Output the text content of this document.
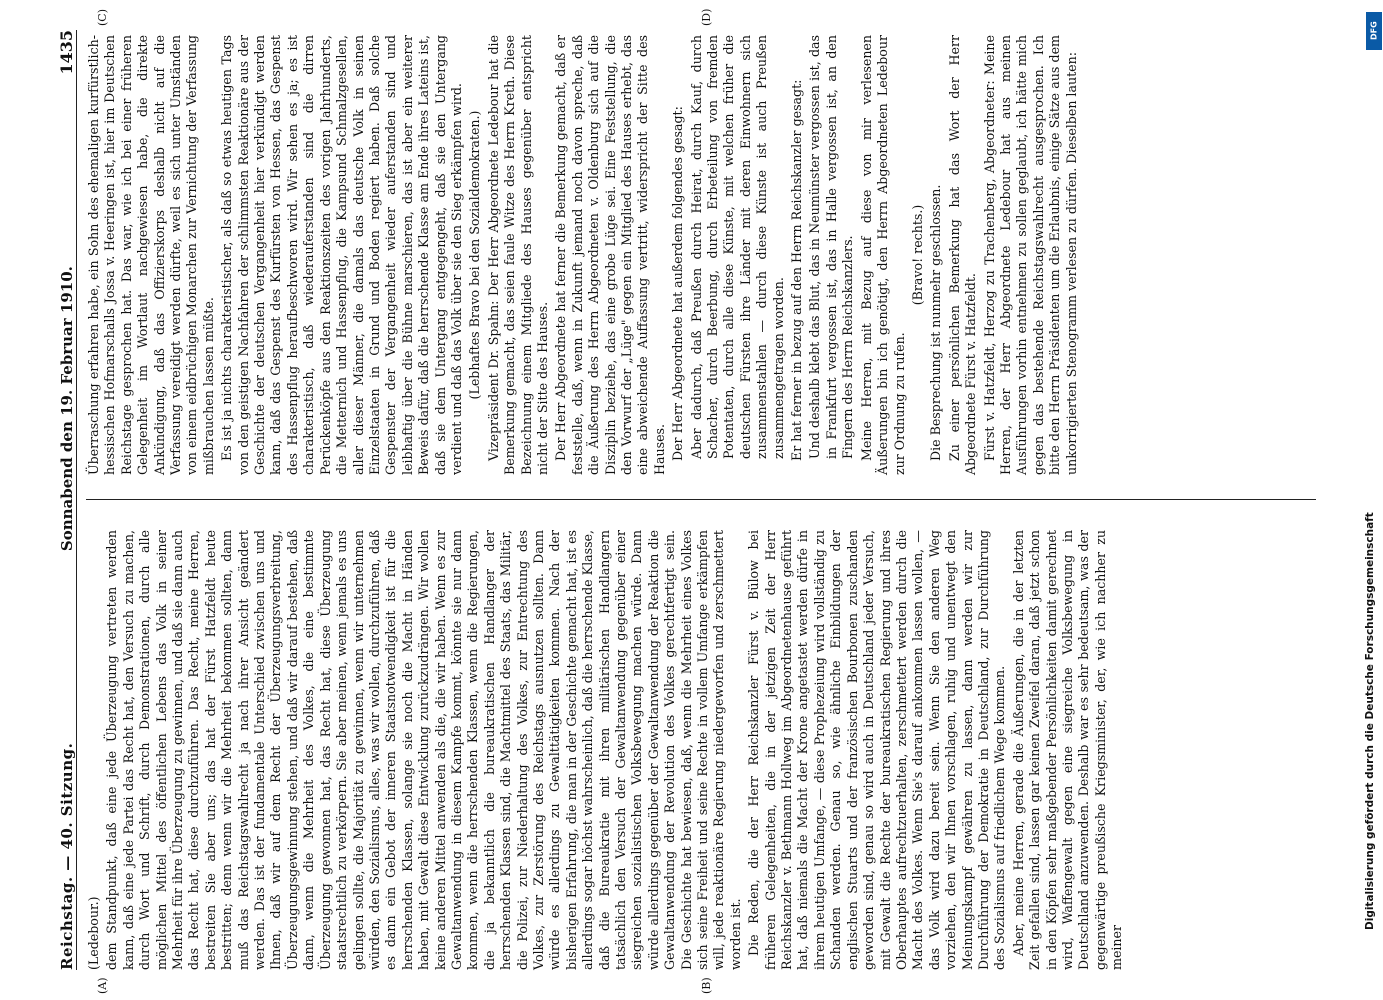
Reichstag. — 40. Sitzung.
Sonnabend den 19. Februar 1910.
1435
(A)	(B)
(C)	(D)

(Ledebour.) dem Standpunkt, daß eine jede Überzeugung vertreten werden kann, daß eine jede Partei das Recht hat, den Versuch zu machen, durch Wort und Schrift, durch Demonstrationen, durch alle möglichen Mittel des öffentlichen Lebens das Volk in seiner Mehrheit für ihre Überzeugung zu gewinnen, und daß sie dann auch das Recht hat, diese durchzuführen. Das Recht, meine Herren, bestreiten Sie aber uns; das hat der Fürst Hatzfeldt heute bestritten; denn wenn wir die Mehrheit bekommen sollten, dann muß das Reichstagswahlrecht ja nach ihrer Ansicht geändert werden. Das ist der fundamentale Unterschied zwischen uns und Ihnen, daß wir auf dem Recht der Überzeugungsverbreitung, Überzeugungsgewinnung stehen, und daß wir darauf bestehen, daß dann, wenn die Mehrheit des Volkes, die eine bestimmte Überzeugung gewonnen hat, das Recht hat, diese Überzeugung staatsrechtlich zu verkörpern. Sie aber meinen, wenn jemals es uns gelingen sollte, die Majorität zu gewinnen, wenn wir unternehmen würden, den Sozialismus, alles, was wir wollen, durchzuführen, daß es dann ein Gebot der inneren Staatsnotwendigkeit ist für die herrschenden Klassen, solange sie noch die Macht in Händen haben, mit Gewalt diese Entwicklung zurückzudrängen. Wir wollen keine anderen Mittel anwenden als die, die wir haben. Wenn es zur Gewaltanwendung in diesem Kampfe kommt, könnte sie nur dann kommen, wenn die herrschenden Klassen, wenn die Regierungen, die ja bekanntlich die bureaukratischen Handlanger der herrschenden Klassen sind, die Machtmittel des Staats, das Militär, die Polizei, zur Niederhaltung des Volkes, zur Entrechtung des Volkes, zur Zerstörung des Reichstags ausnutzen sollten. Dann würde es allerdings zu Gewalttätigkeiten kommen. Nach der bisherigen Erfahrung, die man in der Geschichte gemacht hat, ist es allerdings sogar höchst wahrscheinlich, daß die herrschende Klasse, daß die Bureaukratie mit ihren militärischen Handlangern tatsächlich den Versuch der Gewaltanwendung gegenüber einer siegreichen sozialistischen Volksbewegung machen würde. Dann würde allerdings gegenüber der Gewaltanwendung der Reaktion die Gewaltanwendung der Revolution des Volkes gerechtfertigt sein. Die Geschichte hat bewiesen, daß, wenn die Mehrheit eines Volkes sich seine Freiheit und seine Rechte in vollem Umfange erkämpfen will, jede reaktionäre Regierung niedergeworfen und zerschmettert worden ist. Die Reden, die der Herr Reichskanzler Fürst v. Bülow bei früheren Gelegenheiten, die in der jetzigen Zeit der Herr Reichskanzler v. Bethmann Hollweg im Abgeordnetenhause geführt hat, daß niemals die Macht der Krone angetastet werden dürfe in ihrem heutigen Umfange, — diese Prophezeiung wird vollständig zu Schanden werden. Genau so, wie ähnliche Einbildungen der englischen Stuarts und der französischen Bourbonen zuschanden geworden sind, genau so wird auch in Deutschland jeder Versuch, mit Gewalt die Rechte der bureaukratischen Regierung und ihres Oberhauptes aufrechtzuerhalten, zerschmettert werden durch die Macht des Volkes. Wenn Sie's darauf ankommen lassen wollen, — das Volk wird dazu bereit sein. Wenn Sie den anderen Weg vorziehen, den wir Ihnen vorschlagen, ruhig und unentwegt den Meinungskampf gewähren zu lassen, dann werden wir zur Durchführung der Demokratie in Deutschland, zur Durchführung des Sozialismus auf friedlichem Wege kommen. Aber, meine Herren, gerade die Äußerungen, die in der letzten Zeit gefallen sind, lassen gar keinen Zweifel daran, daß jetzt schon in den Köpfen sehr maßgebender Persönlichkeiten damit gerechnet wird, Waffengewalt gegen eine siegreiche Volksbewegung in Deutschland anzuwenden. Deshalb war es sehr bedeutsam, was der gegenwärtige preußische Kriegsminister, der, wie ich nachher zu meiner

Überraschung erfahren habe, ein Sohn des ehemaligen kurfürstlich-hessischen Hofmarschalls Jossa v. Heeringen ist, hier im Deutschen Reichstage gesprochen hat. Das war, wie ich bei einer früheren Gelegenheit im Wortlaut nachgewiesen habe, die direkte Ankündigung, daß das Offizierskorps deshalb nicht auf die Verfassung vereidigt werden dürfte, weil es sich unter Umständen von einem eidbrüchigen Monarchen zur Vernichtung der Verfassung mißbrauchen lassen müßte. Es ist ja nichts charakteristischer, als daß so etwas heutigen Tags von den geistigen Nachfahren der schlimmsten Reaktionäre aus der Geschichte der deutschen Vergangenheit hier verkündigt werden kann, daß das Gespenst des Kurfürsten von Hessen, das Gespenst des Hassenpflug heraufbeschworen wird. Wir sehen es ja; es ist charakteristisch, daß wiederauferstanden sind die dirren Perückenköpfe aus den Reaktionszeiten des vorigen Jahrhunderts, die Metternich und Hassenpflug, die Kampsund Schmalzgesellen, aller dieser Männer, die damals das deutsche Volk in seinen Einzelstaaten in Grund und Boden regiert haben. Daß solche Gespenster der Vergangenheit wieder auferstanden sind und leibhaftig über die Bühne marschieren, das ist aber ein weiterer Beweis dafür, daß die herrschende Klasse am Ende ihres Lateins ist, daß sie dem Untergang entgegengeht, daß sie den Untergang verdient und daß das Volk über sie den Sieg erkämpfen wird. (Lebhaftes Bravo bei den Sozialdemokraten.) Vizepräsident Dr. Spahn: Der Herr Abgeordnete Ledebour hat die Bemerkung gemacht, das seien faule Witze des Herrn Kreth. Diese Bezeichnung einem Mitgliede des Hauses gegenüber entspricht nicht der Sitte des Hauses. Der Herr Abgeordnete hat ferner die Bemerkung gemacht, daß er feststelle, daß, wenn in Zukunft jemand noch davon spreche, daß die Äußerung des Herrn Abgeordneten v. Oldenburg sich auf die Disziplin beziehe, das eine grobe Lüge sei. Eine Feststellung, die den Vorwurf der „Lüge" gegen ein Mitglied des Hauses erhebt, das eine abweichende Auffassung vertritt, widerspricht der Sitte des Hauses. Der Herr Abgeordnete hat außerdem folgendes gesagt: Aber dadurch, daß Preußen durch Heirat, durch Kauf, durch Schacher, durch Beerbung, durch Erbeteilung von fremden Potentaten, durch alle diese Künste, mit welchen früher die deutschen Fürsten ihre Länder mit deren Einwohnern sich zusammenstahlen — durch diese Künste ist auch Preußen zusammengetragen worden. Er hat ferner in bezug auf den Herrn Reichskanzler gesagt: Und deshalb klebt das Blut, das in Neumünster vergossen ist, das in Frankfurt vergossen ist, das in Halle vergossen ist, an den Fingern des Herrn Reichskanzlers. Meine Herren, mit Bezug auf diese von mir verlesenen Äußerungen bin ich genötigt, den Herrn Abgeordneten Ledebour zur Ordnung zu rufen.

(Bravo! rechts.) Die Besprechung ist nunmehr geschlossen. Zu einer persönlichen Bemerkung hat das Wort der Herr Abgeordnete Fürst v. Hatzfeldt. Fürst v. Hatzfeldt, Herzog zu Trachenberg, Abgeordneter: Meine Herren, der Herr Abgeordnete Ledebour hat aus meinen Ausführungen vorhin entnehmen zu sollen geglaubt, ich hätte mich gegen das bestehende Reichstagswahlrecht ausgesprochen. Ich bitte den Herrn Präsidenten um die Erlaubnis, einige Sätze aus dem unkorrigierten Stenogramm verlesen zu dürfen. Dieselben lauten:

DFG
Digitalisierung gefördert durch die Deutsche Forschungsgemeinschaft
